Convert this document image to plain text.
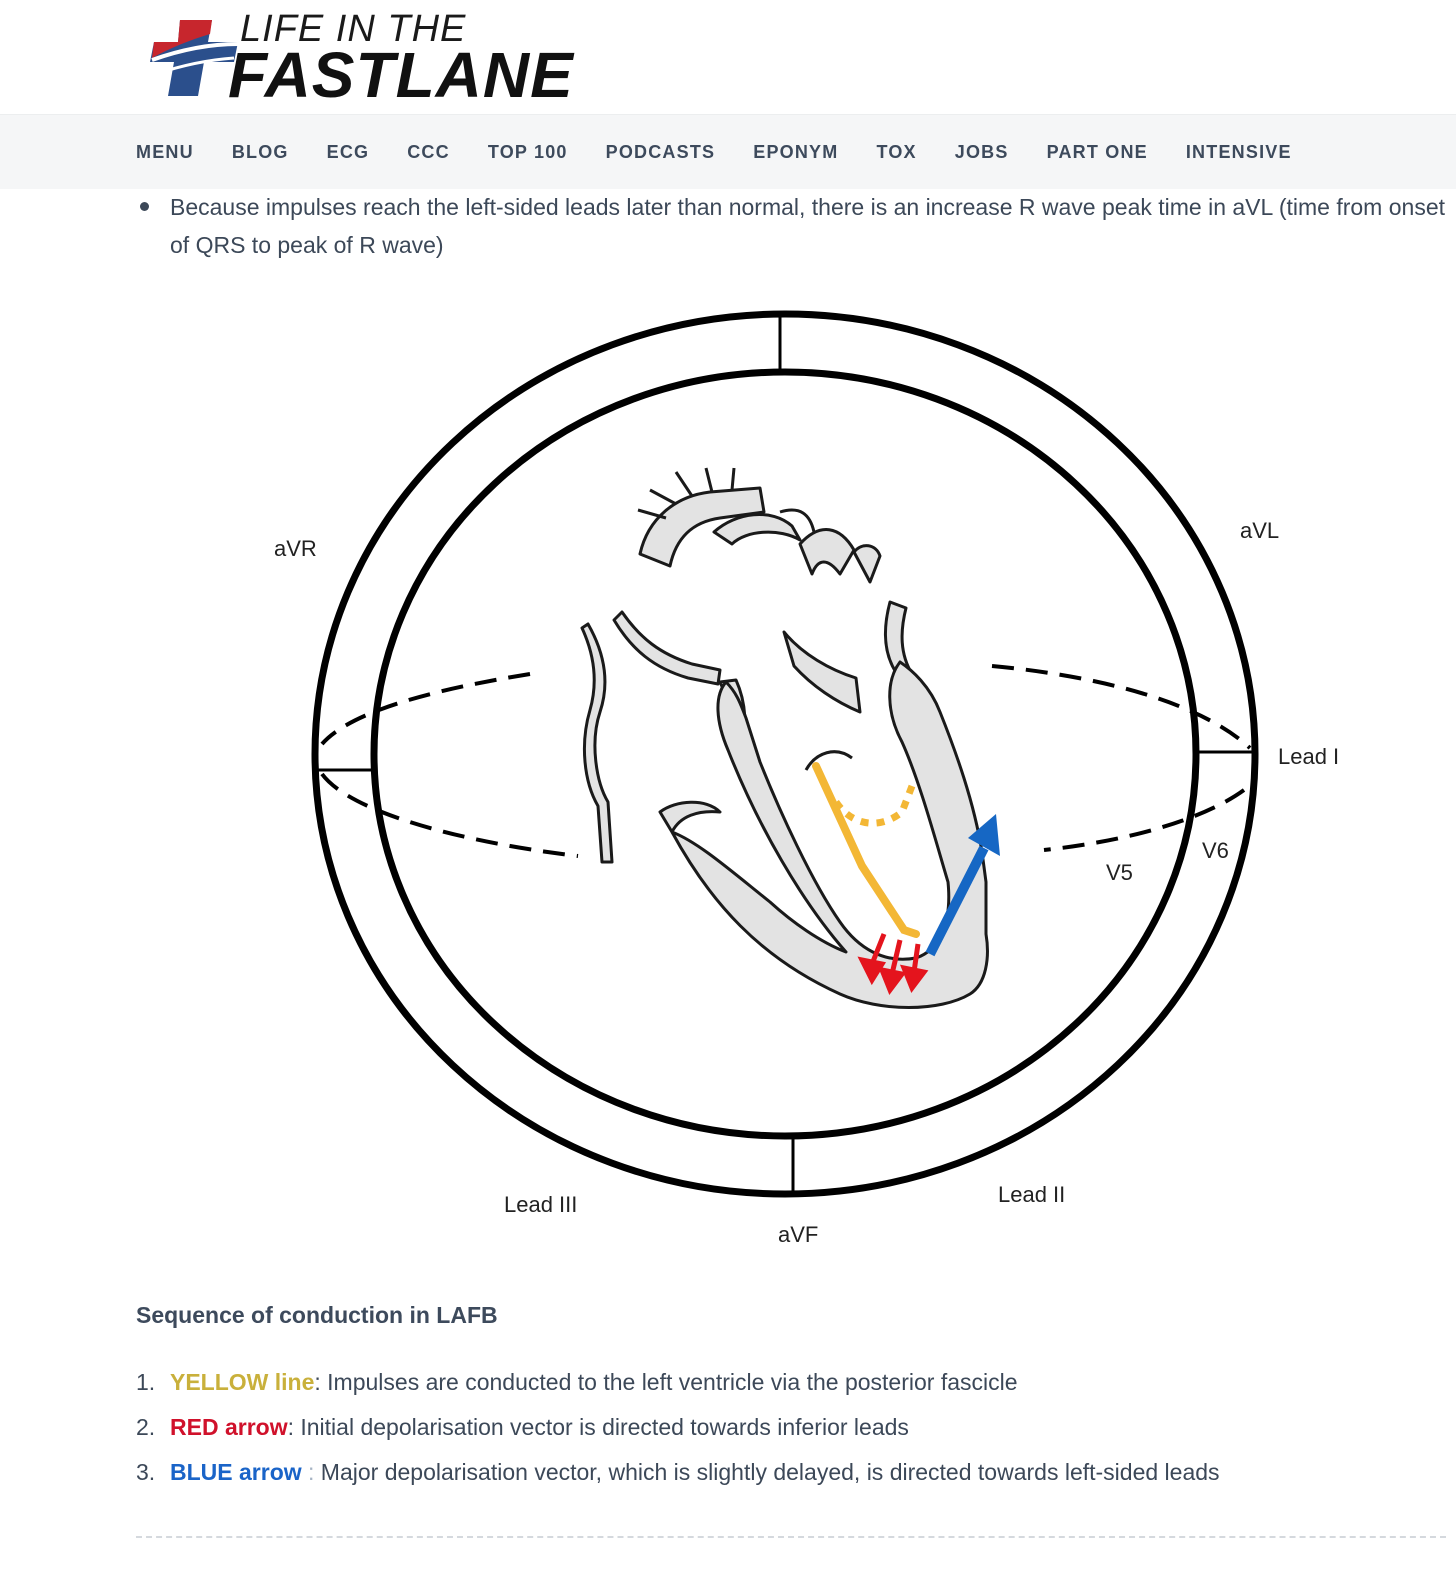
LIFE IN THE
FASTLANE
MENU BLOG ECG CCC TOP 100 PODCASTS EPONYM TOX JOBS PART ONE INTENSIVE
Because impulses reach the left-sided leads later than normal, there is an increase R wave peak time in aVL (time from onset of QRS to peak of R wave)
aVR
aVL
Lead I
V6
V5
Lead II
Lead III
aVF
Sequence of conduction in LAFB
1. YELLOW line: Impulses are conducted to the left ventricle via the posterior fascicle
2. RED arrow: Initial depolarisation vector is directed towards inferior leads
3. BLUE arrow : Major depolarisation vector, which is slightly delayed, is directed towards left-sided leads
